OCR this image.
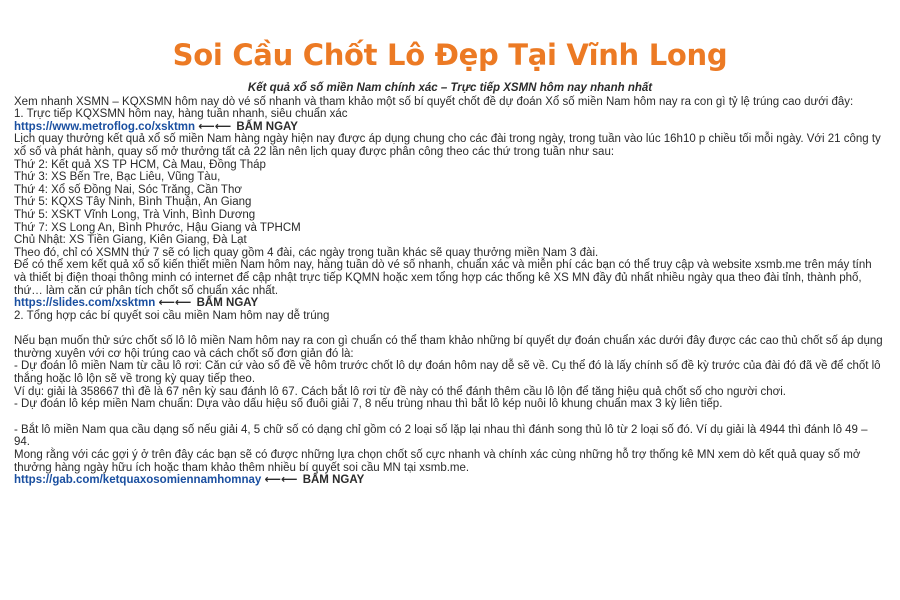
Soi Cầu Chốt Lô Đẹp Tại Vĩnh Long
Kết quả xổ số miền Nam chính xác – Trực tiếp XSMN hôm nay nhanh nhất

Xem nhanh XSMN – KQXSMN hôm nay dò vé số nhanh và tham khảo một số bí quyết chốt đề dự đoán Xổ số miền Nam hôm nay ra con gì tỷ lệ trúng cao dưới đây:

1. Trực tiếp KQXSMN hôm nay, hàng tuần nhanh, siêu chuẩn xác

https://www.metroflog.co/xsktmn ⟵⟵ BẤM NGAY

Lịch quay thưởng kết quả xổ số miền Nam hàng ngày hiện nay được áp dụng chung cho các đài trong ngày, trong tuần vào lúc 16h10 p chiều tối mỗi ngày. Với 21 công ty xổ số và phát hành, quay số mở thưởng tất cả 22 lần nên lịch quay được phân công theo các thứ trong tuần như sau:

Thứ 2: Kết quả XS TP HCM, Cà Mau, Đồng Tháp

Thứ 3: XS Bến Tre, Bạc Liêu, Vũng Tàu,

Thứ 4: Xổ số Đồng Nai, Sóc Trăng, Cần Thơ

Thứ 5: KQXS Tây Ninh, Bình Thuận, An Giang

Thứ 5: XSKT Vĩnh Long, Trà Vinh, Bình Dương

Thứ 7: XS Long An, Bình Phước, Hậu Giang và TPHCM

Chủ Nhật: XS Tiền Giang, Kiên Giang, Đà Lạt

Theo đó, chỉ có XSMN thứ 7 sẽ có lịch quay gồm 4 đài, các ngày trong tuần khác sẽ quay thưởng miền Nam 3 đài.

Để có thể xem kết quả xổ số kiến thiết miền Nam hôm nay, hàng tuần dò vé số nhanh, chuẩn xác và miễn phí các bạn có thể truy cập và website xsmb.me trên máy tính và thiết bị điện thoại thông minh có internet để cập nhật trực tiếp KQMN hoặc xem tổng hợp các thống kê XS MN đầy đủ nhất nhiều ngày qua theo đài tỉnh, thành phố, thứ… làm căn cứ phân tích chốt số chuẩn xác nhất.

https://slides.com/xsktmn ⟵⟵ BẤM NGAY

2. Tổng hợp các bí quyết soi cầu miền Nam hôm nay dễ trúng

Nếu bạn muốn thử sức chốt số lô lô miền Nam hôm nay ra con gì chuẩn có thể tham khảo những bí quyết dự đoán chuẩn xác dưới đây được các cao thủ chốt số áp dụng thường xuyên với cơ hội trúng cao và cách chốt số đơn giản đó là:

- Dự đoán lô miền Nam từ cầu lô rơi: Căn cứ vào số đề về hôm trước chốt lô dự đoán hôm nay dễ sẽ về. Cụ thể đó là lấy chính số đề kỳ trước của đài đó đã về để chốt lô thắng hoặc lô lộn sẽ về trong kỳ quay tiếp theo.

Ví dụ: giải là 358667 thì đề là 67 nên kỳ sau đánh lô 67. Cách bắt lô rơi từ đề này có thể đánh thêm cầu lô lộn để tăng hiệu quả chốt số cho người chơi.

- Dự đoán lô kép miền Nam chuẩn: Dựa vào dấu hiệu số đuôi giải 7, 8 nếu trùng nhau thì bắt lô kép nuôi lô khung chuẩn max 3 kỳ liên tiếp.

- Bắt lô miền Nam qua cầu dạng số nếu giải 4, 5 chữ số có dạng chỉ gồm có 2 loại số lặp lại nhau thì đánh song thủ lô từ 2 loại số đó. Ví dụ giải là 4944 thì đánh lô 49 – 94.

Mong rằng với các gợi ý ở trên đây các bạn sẽ có được những lựa chọn chốt số cực nhanh và chính xác cùng những hỗ trợ thống kê MN xem dò kết quả quay số mở thưởng hàng ngày hữu ích hoặc tham khảo thêm nhiều bí quyết soi cầu MN tại xsmb.me.

https://gab.com/ketquaxosomiennamhomnay ⟵⟵ BẤM NGAY
